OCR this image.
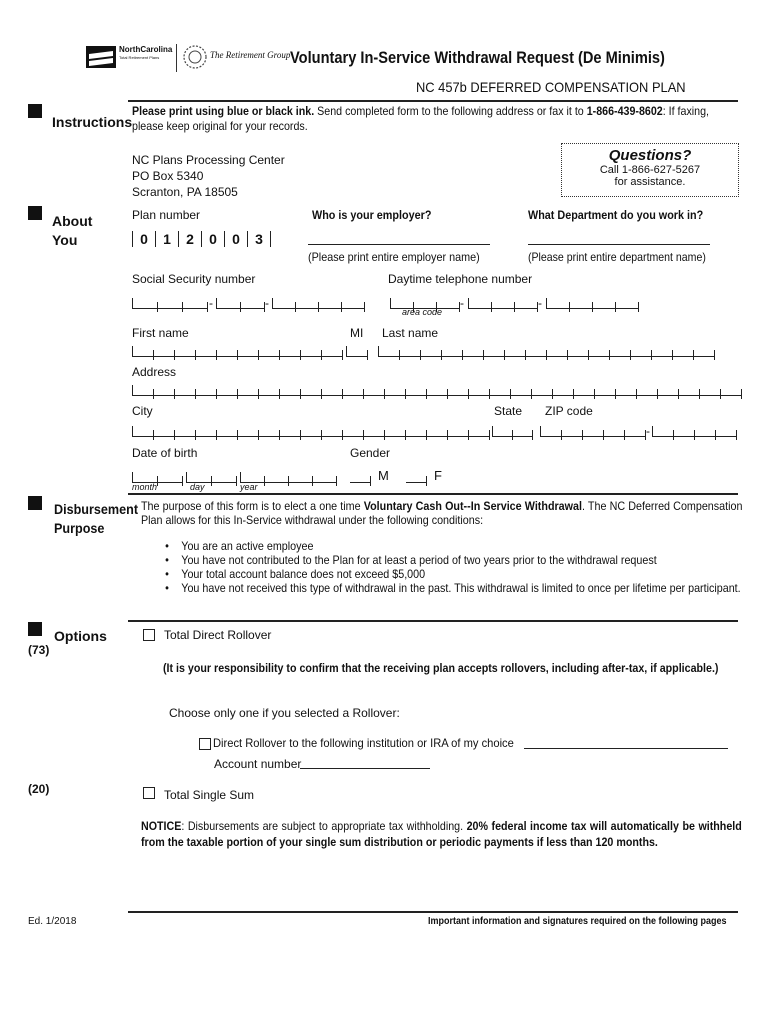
NorthCarolina
Total Retirement Plans	The Retirement Group Voluntary In-Service Withdrawal Request (De Minimis)
NC 457b DEFERRED COMPENSATION PLAN
Instructions
Please print using blue or black ink. Send completed form to the following address or fax it to 1-866-439-8602: If faxing, please keep original for your records.
NC Plans Processing Center
PO Box 5340
Scranton, PA 18505
Questions?
Call 1-866-627-5267
for assistance.
About
You
Plan number
0 1 2 0 0 3
Who is your employer?
(Please print entire employer name)
What Department do you work in?
(Please print entire department name)
Social Security number	Daytime telephone number
-	-	-	-
area code
First name	MI Last name
Address
City	State ZIP code
-
Date of birth	Gender
month	day	year
M	F
Disbursement
Purpose
The purpose of this form is to elect a one time Voluntary Cash Out--In Service Withdrawal. The NC Deferred Compensation Plan allows for this In-Service withdrawal under the following conditions:
• You are an active employee
• You have not contributed to the Plan for at least a period of two years prior to the withdrawal request
• Your total account balance does not exceed $5,000
• You have not received this type of withdrawal in the past. This withdrawal is limited to once per lifetime per participant.
Options
(73)
Total Direct Rollover
(It is your responsibility to confirm that the receiving plan accepts rollovers, including after-tax, if applicable.)
Choose only one if you selected a Rollover:
Direct Rollover to the following institution or IRA of my choice
Account number
(20)	Total Single Sum
NOTICE: Disbursements are subject to appropriate tax withholding. 20% federal income tax will automatically be withheld from the taxable portion of your single sum distribution or periodic payments if less than 120 months.
Ed. 1/2018	Important information and signatures required on the following pages
